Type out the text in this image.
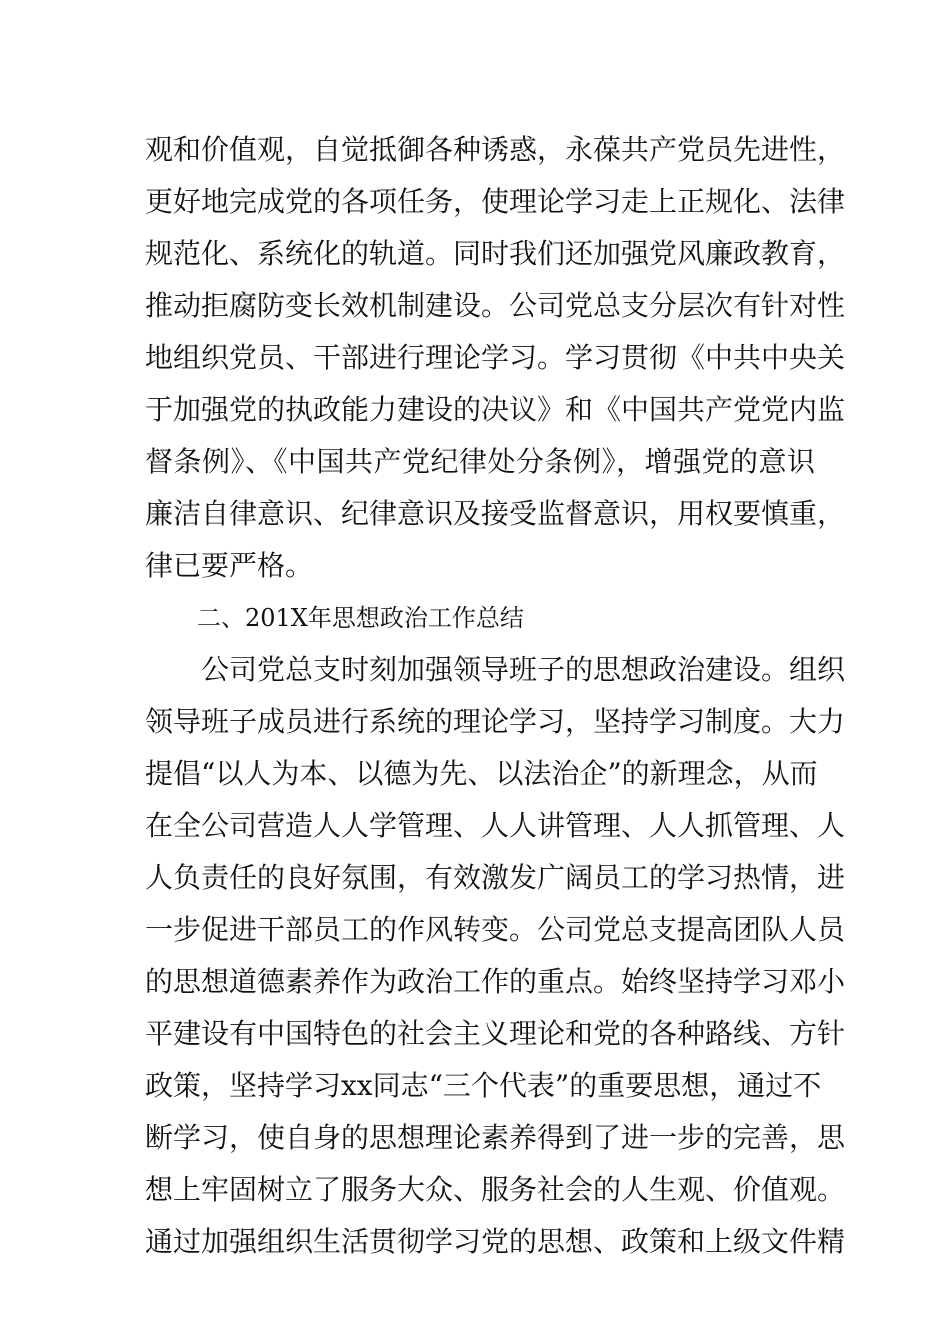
观和价值观，自觉抵御各种诱惑，永葆共产党员先进性，
更好地完成党的各项任务，使理论学习走上正规化、法律
规范化、系统化的轨道。同时我们还加强党风廉政教育，
推动拒腐防变长效机制建设。公司党总支分层次有针对性
地组织党员、干部进行理论学习。学习贯彻《中共中央关
于加强党的执政能力建设的决议》和《中国共产党党内监
督条例》、《中国共产党纪律处分条例》，增强党的意识
廉洁自律意识、纪律意识及接受监督意识，用权要慎重，
律已要严格。
二、201X年思想政治工作总结
公司党总支时刻加强领导班子的思想政治建设。组织
领导班子成员进行系统的理论学习，坚持学习制度。大力
提倡“以人为本、以德为先、以法治企”的新理念，从而
在全公司营造人人学管理、人人讲管理、人人抓管理、人
人负责任的良好氛围，有效激发广阔员工的学习热情，进
一步促进干部员工的作风转变。公司党总支提高团队人员
的思想道德素养作为政治工作的重点。始终坚持学习邓小
平建设有中国特色的社会主义理论和党的各种路线、方针
政策，坚持学习xx同志“三个代表”的重要思想，通过不
断学习，使自身的思想理论素养得到了进一步的完善，思
想上牢固树立了服务大众、服务社会的人生观、价值观。
通过加强组织生活贯彻学习党的思想、政策和上级文件精
